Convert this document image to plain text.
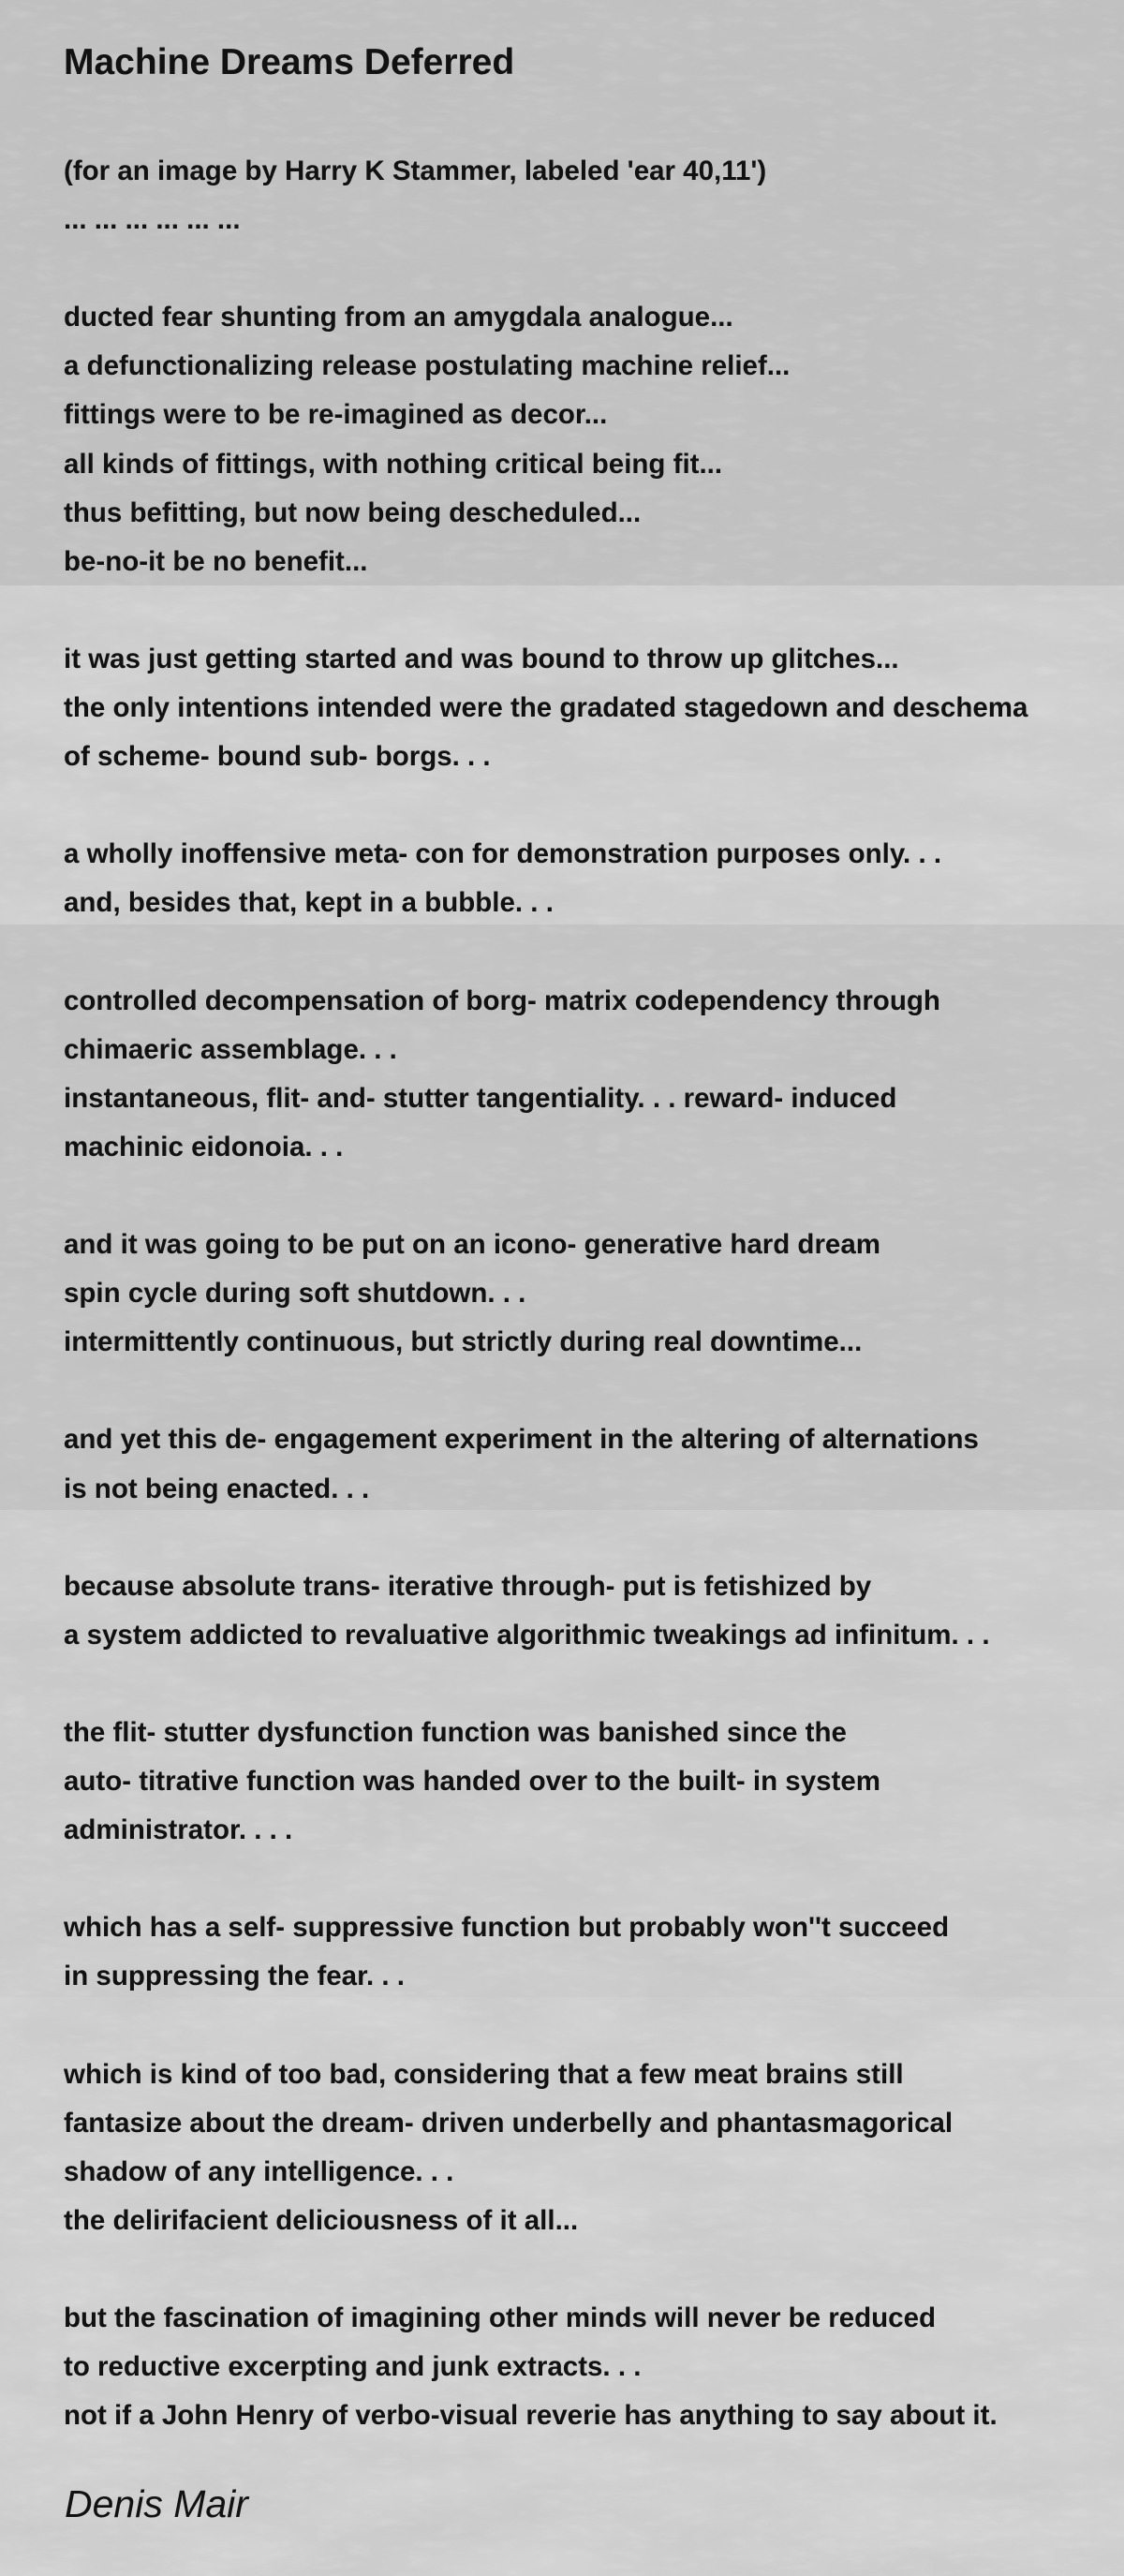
Machine Dreams Deferred
(for an image by Harry K Stammer, labeled 'ear 40,11')
... ... ... ... ... ...
ducted fear shunting from an amygdala analogue...
a defunctionalizing release postulating machine relief...
fittings were to be re-imagined as decor...
all kinds of fittings, with nothing critical being fit...
thus befitting, but now being descheduled...
be-no-it be no benefit...
it was just getting started and was bound to throw up glitches...
the only intentions intended were the gradated stagedown and deschema
of scheme- bound sub- borgs. . .
a wholly inoffensive meta- con for demonstration purposes only. . .
and, besides that, kept in a bubble. . .
controlled decompensation of borg- matrix codependency through
chimaeric assemblage. . .
instantaneous, flit- and- stutter tangentiality. . . reward- induced
machinic eidonoia. . .
and it was going to be put on an icono- generative hard dream
spin cycle during soft shutdown. . .
intermittently continuous, but strictly during real downtime...
and yet this de- engagement experiment in the altering of alternations
is not being enacted. . .
because absolute trans- iterative through- put is fetishized by
a system addicted to revaluative algorithmic tweakings ad infinitum. . .
the flit- stutter dysfunction function was banished since the
auto- titrative function was handed over to the built- in system
administrator. . . .
which has a self- suppressive function but probably won''t succeed
in suppressing the fear. . .
which is kind of too bad, considering that a few meat brains still
fantasize about the dream- driven underbelly and phantasmagorical
shadow of any intelligence. . .
the delirifacient deliciousness of it all...
but the fascination of imagining other minds will never be reduced
to reductive excerpting and junk extracts. . .
not if a John Henry of verbo-visual reverie has anything to say about it.
Denis Mair
